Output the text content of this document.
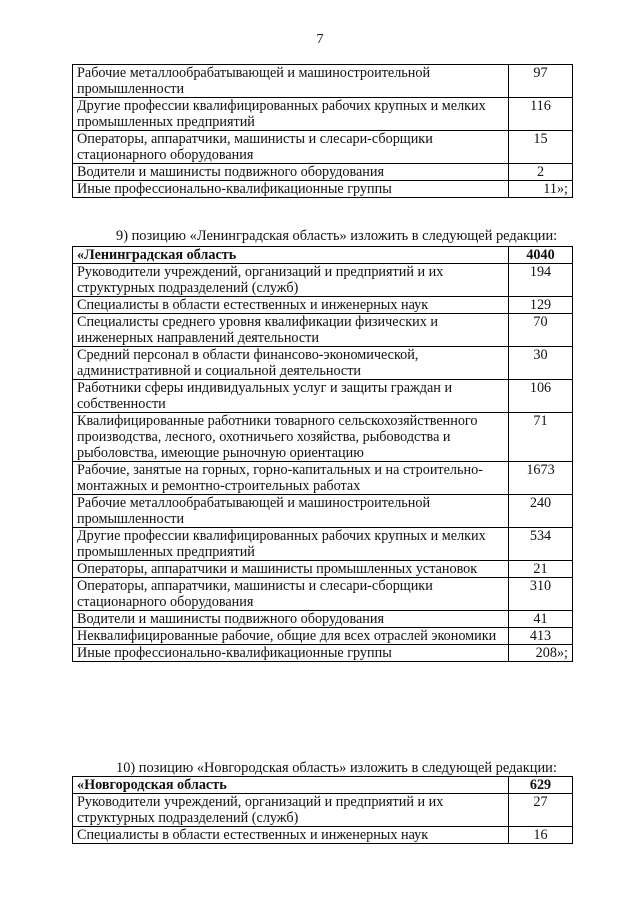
7
Рабочие металлообрабатывающей и машиностроительной промышленности	97
Другие профессии квалифицированных рабочих крупных и мелких промышленных предприятий	116
Операторы, аппаратчики, машинисты и слесари-сборщики стационарного оборудования	15
Водители и машинисты подвижного оборудования	2
Иные профессионально-квалификационные группы	11»;
9) позицию «Ленинградская область» изложить в следующей редакции:
«Ленинградская область	4040
Руководители учреждений, организаций и предприятий и их структурных подразделений (служб)	194
Специалисты в области естественных и инженерных наук	129
Специалисты среднего уровня квалификации физических и инженерных направлений деятельности	70
Средний персонал в области финансово-экономической, административной и социальной деятельности	30
Работники сферы индивидуальных услуг и защиты граждан и собственности	106
Квалифицированные работники товарного сельскохозяйственного производства, лесного, охотничьего хозяйства, рыбоводства и рыболовства, имеющие рыночную ориентацию	71
Рабочие, занятые на горных, горно-капитальных и на строительно-монтажных и ремонтно-строительных работах	1673
Рабочие металлообрабатывающей и машиностроительной промышленности	240
Другие профессии квалифицированных рабочих крупных и мелких промышленных предприятий	534
Операторы, аппаратчики и машинисты промышленных установок	21
Операторы, аппаратчики, машинисты и слесари-сборщики стационарного оборудования	310
Водители и машинисты подвижного оборудования	41
Неквалифицированные рабочие, общие для всех отраслей экономики	413
Иные профессионально-квалификационные группы	208»;
10) позицию «Новгородская область» изложить в следующей редакции:
«Новгородская область	629
Руководители учреждений, организаций и предприятий и их структурных подразделений (служб)	27
Специалисты в области естественных и инженерных наук	16
